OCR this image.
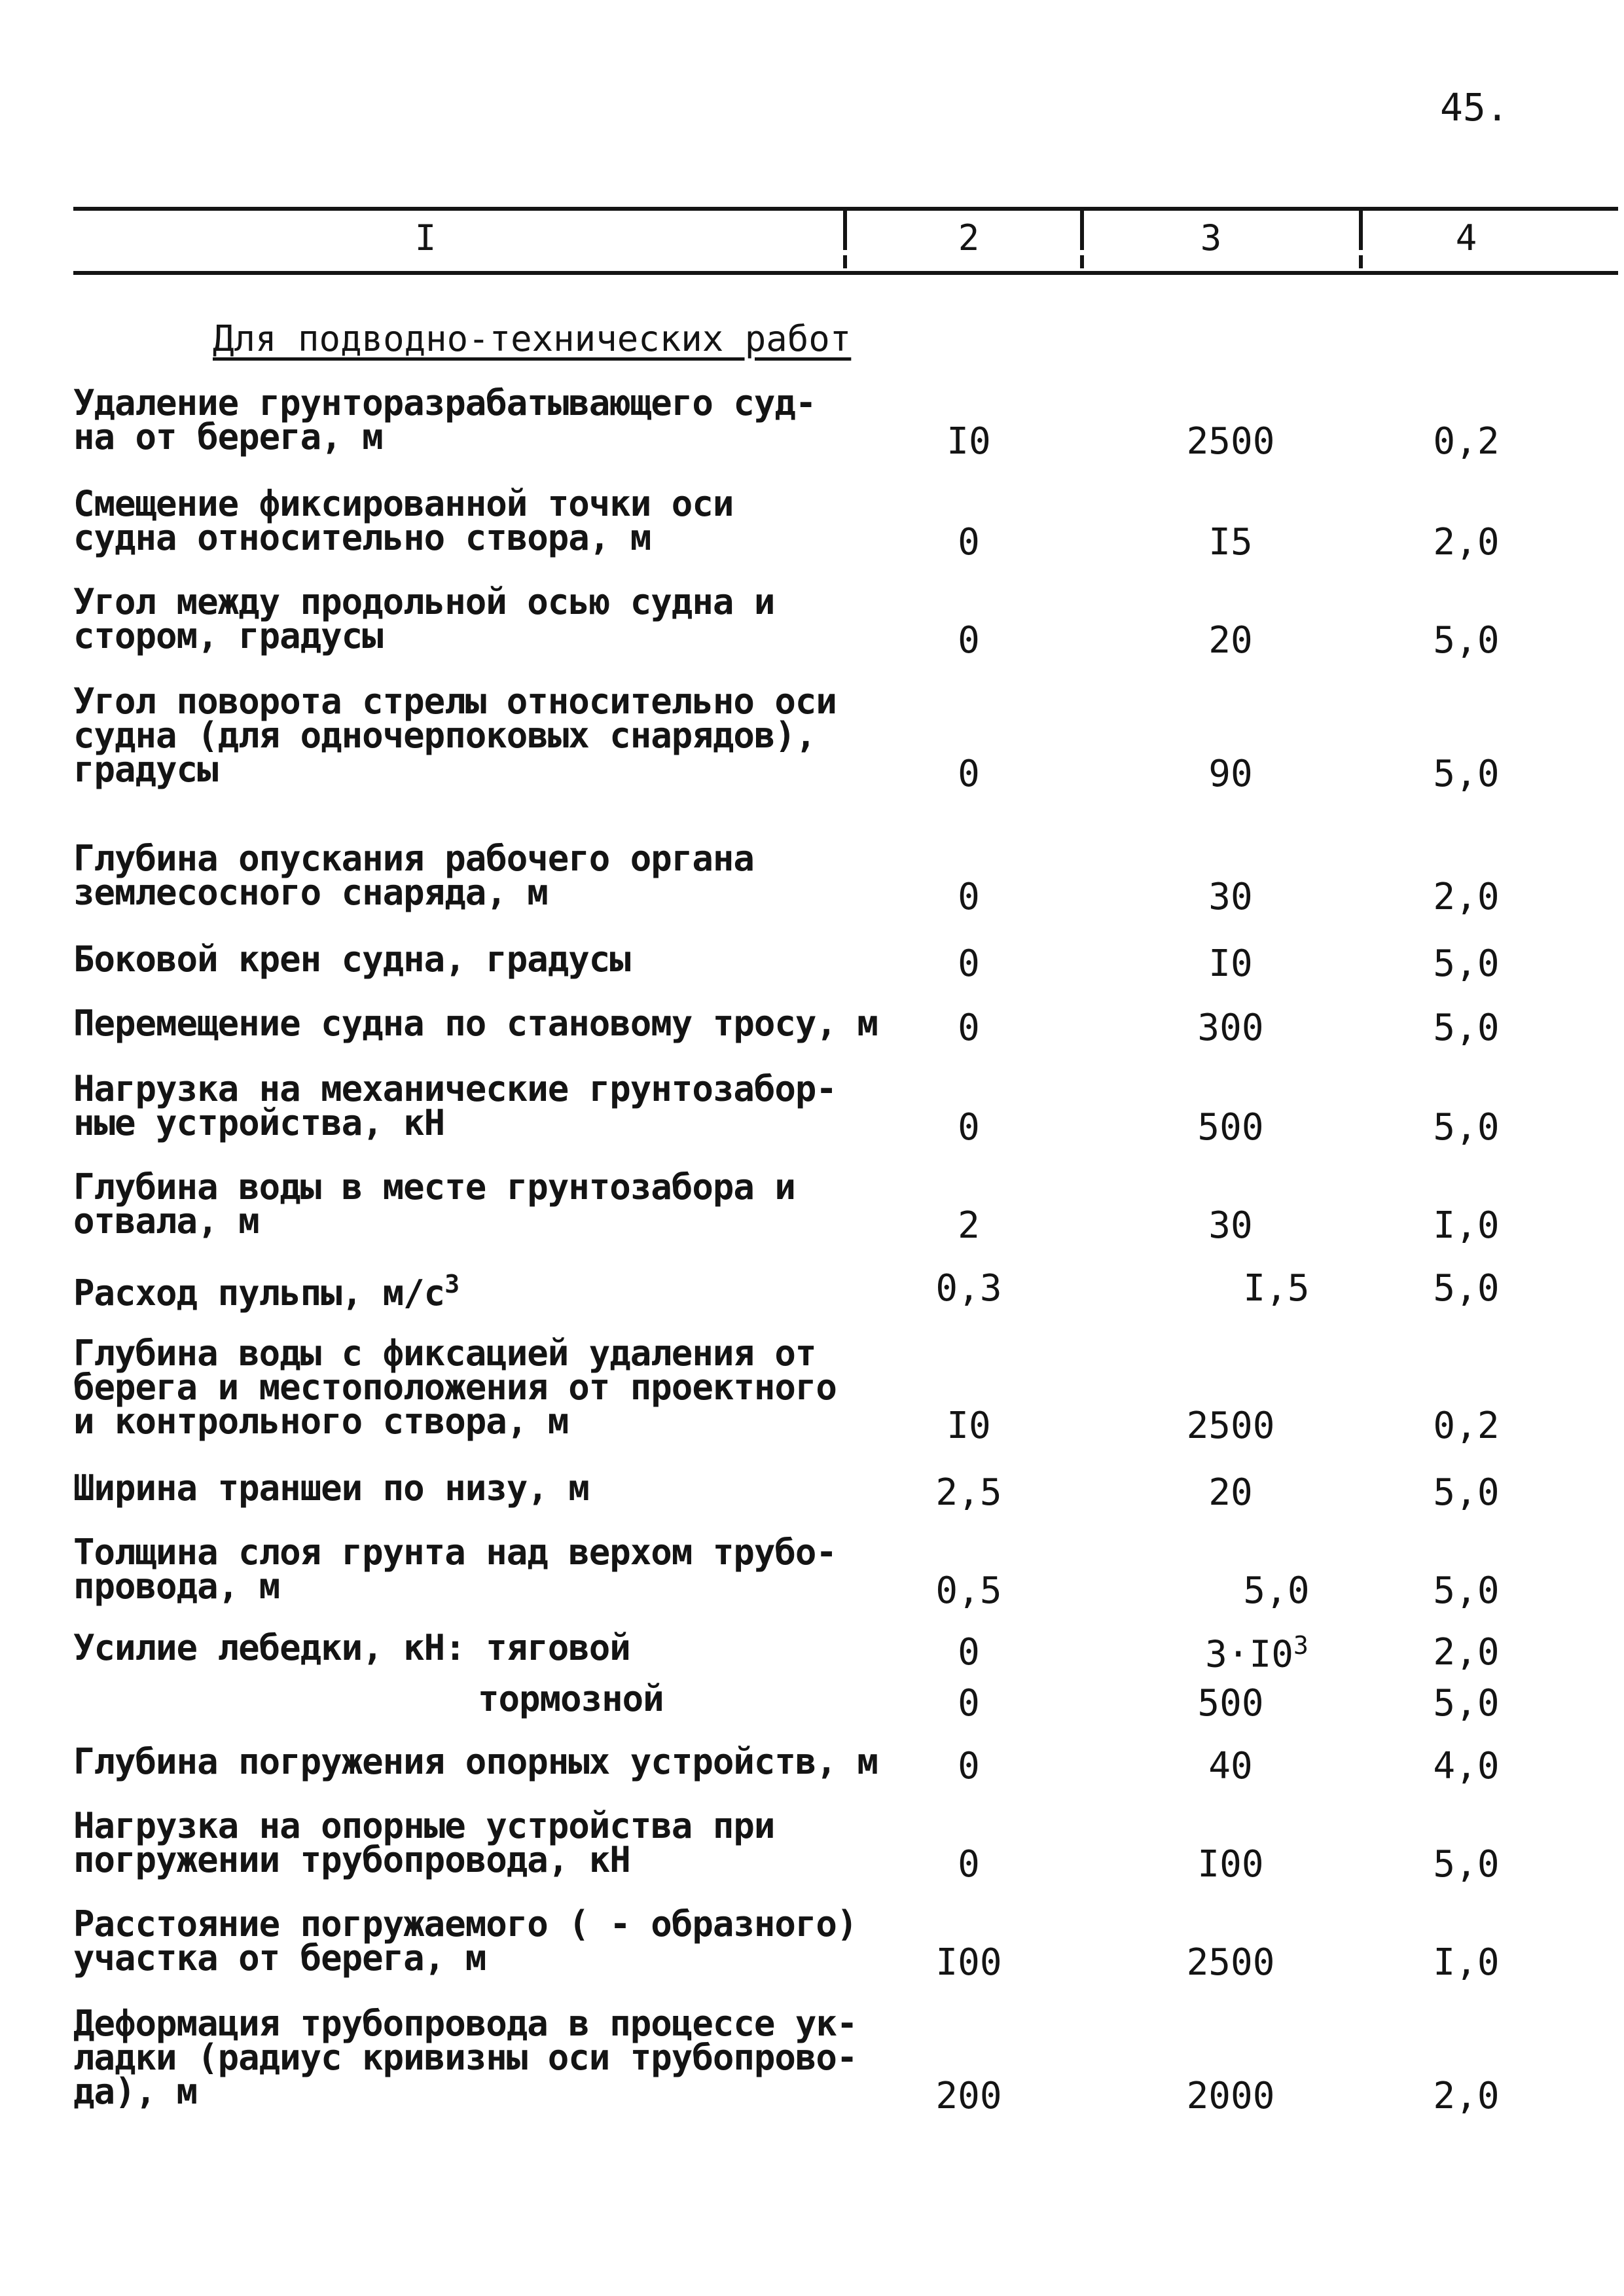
45.
I	2	3	4
Для подводно-технических работ
Удаление грунторазрабатывающего суд-
на от берега, м	I0	2500	0,2
Смещение фиксированной точки оси
судна относительно створа, м	0	I5	2,0
Угол между продольной осью судна и
стором, градусы	0	20	5,0
Угол поворота стрелы относительно оси
судна (для одночерпоковых снарядов),
градусы	0	90	5,0
Глубина опускания рабочего органа
землесосного снаряда, м	0	30	2,0
Боковой крен судна, градусы	0	I0	5,0
Перемещение судна по становому тросу, м	0	300	5,0
Нагрузка на механические грунтозабор-
ные устройства, кН	0	500	5,0
Глубина воды в месте грунтозабора и
отвала, м	2	30	I,0
Расход пульпы, $м/с^3$	0,3	I,5	5,0
Глубина воды с фиксацией удаления от
берега и местоположения от проектного
и контрольного створа, м	I0	2500	0,2
Ширина траншеи по низу, м	2,5	20	5,0
Толщина слоя грунта над верхом трубо-
провода, м	0,5	5,0	5,0
Усилие лебедки, кН: тяговой	0	$3\cdot I0^3$	2,0
тормозной	0	500	5,0
Глубина погружения опорных устройств, м	0	40	4,0
Нагрузка на опорные устройства при
погружении трубопровода, кН	0	I00	5,0
Расстояние погружаемого ( - образного)
участка от берега, м	I00	2500	I,0
Деформация трубопровода в процессе ук-
ладки (радиус кривизны оси трубопрово-
да), м	200	2000	2,0
